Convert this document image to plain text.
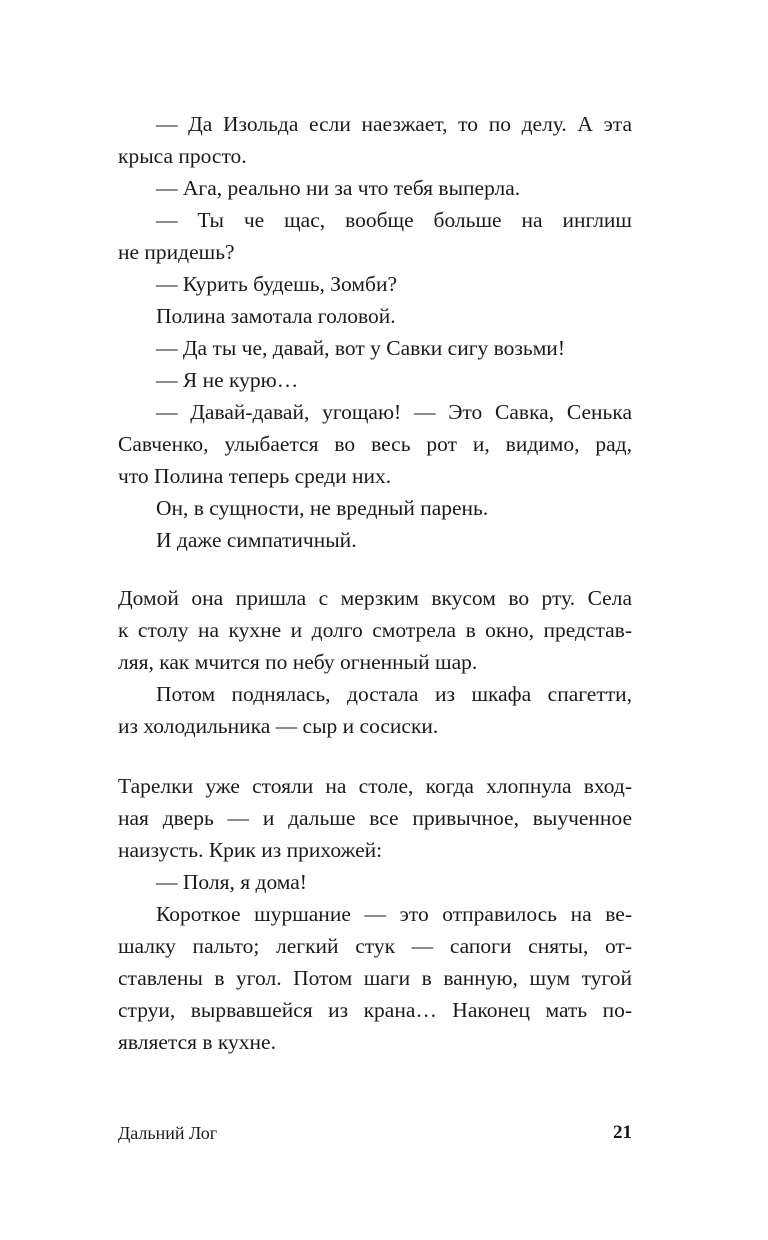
— Да Изольда если наезжает, то по делу. А эта
крыса просто.
— Ага, реально ни за что тебя выперла.
— Ты че щас, вообще больше на инглиш
не придешь?
— Курить будешь, Зомби?
Полина замотала головой.
— Да ты че, давай, вот у Савки сигу возьми!
— Я не курю…
— Давай-давай, угощаю! — Это Савка, Сенька
Савченко, улыбается во весь рот и, видимо, рад,
что Полина теперь среди них.
Он, в сущности, не вредный парень.
И даже симпатичный.
Домой она пришла с мерзким вкусом во рту. Села
к столу на кухне и долго смотрела в окно, представ-
ляя, как мчится по небу огненный шар.
Потом поднялась, достала из шкафа спагетти,
из холодильника — сыр и сосиски.
Тарелки уже стояли на столе, когда хлопнула вход-
ная дверь — и дальше все привычное, выученное
наизусть. Крик из прихожей:
— Поля, я дома!
Короткое шуршание — это отправилось на ве-
шалку пальто; легкий стук — сапоги сняты, от-
ставлены в угол. Потом шаги в ванную, шум тугой
струи, вырвавшейся из крана… Наконец мать по-
является в кухне.
Дальний Лог	21
